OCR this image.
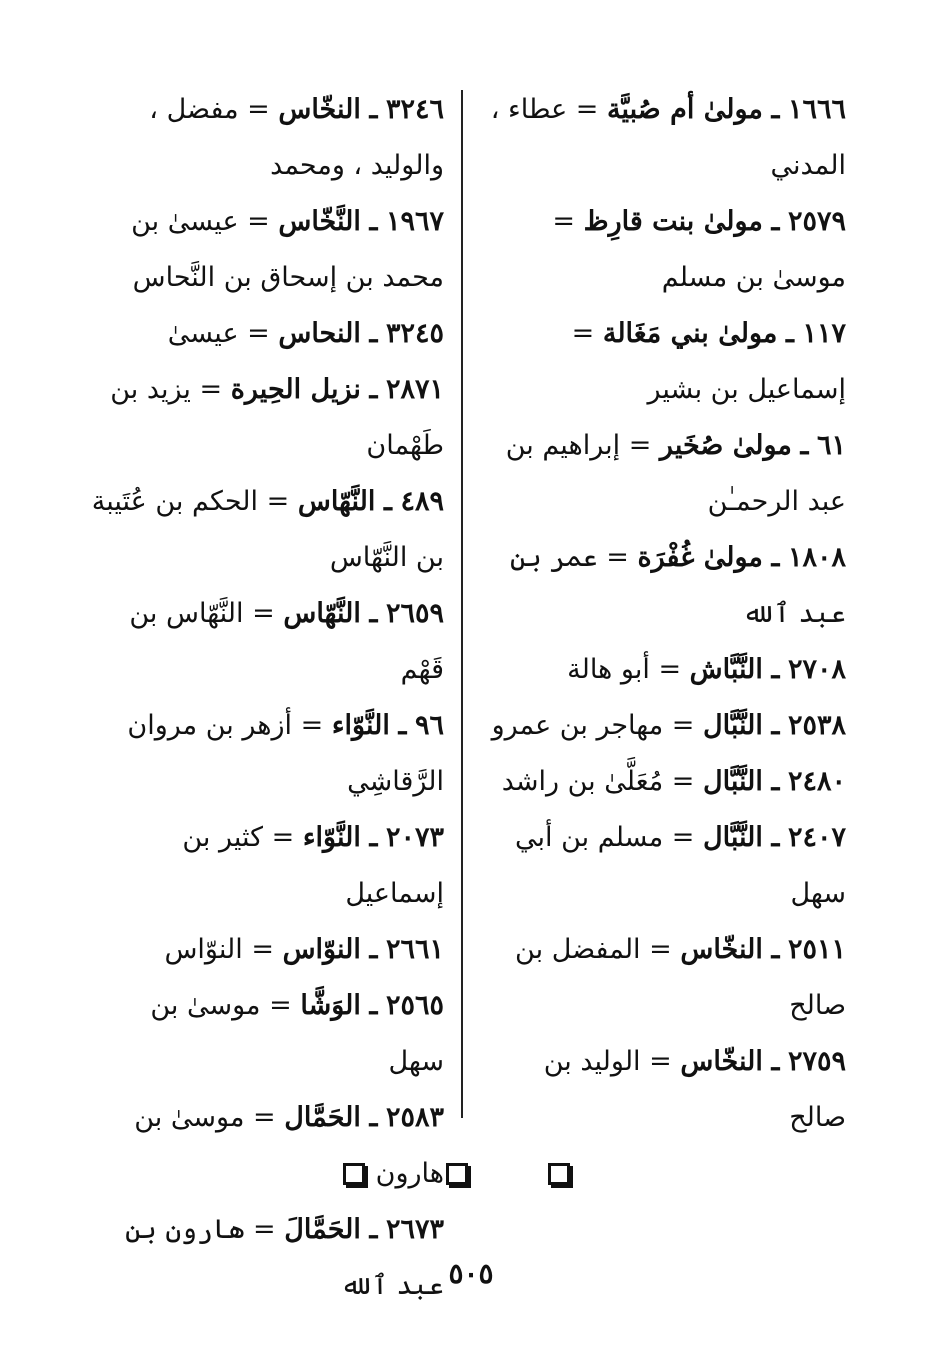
١٦٦٦ ـ مولىٰ أم صُبيَّة = عطاء ، المدني
٢٥٧٩ ـ مولىٰ بنت قارِظ = موسىٰ بن مسلم
١١٧ ـ مولىٰ بني مَغَالة = إسماعيل بن بشير
٦١ ـ مولىٰ صُخَير = إبراهيم بن عبد الرحمـٰن
١٨٠٨ ـ مولىٰ غُفْرَة = عمر بن عبد ٱلله
٢٧٠٨ ـ النَّبَّاش = أبو هالة
٢٥٣٨ ـ النَّبَّال = مهاجر بن عمرو
٢٤٨٠ ـ النَّبَّال = مُعَلَّىٰ بن راشد
٢٤٠٧ ـ النَّبَّال = مسلم بن أبي سهل
٢٥١١ ـ النخّاس = المفضل بن صالح
٢٧٥٩ ـ النخّاس = الوليد بن صالح
٣٢٤٦ ـ النخّاس = مفضل ، والوليد ، ومحمد
١٩٦٧ ـ النَّخّاس = عيسىٰ بن محمد بن إسحاق بن النَّحاس
٣٢٤٥ ـ النحاس = عيسىٰ
٢٨٧١ ـ نزيل الحِيرة = يزيد بن طَهْمان
٤٨٩ ـ النَّهّاس = الحكم بن عُتَيبة بن النَّهّاس
٢٦٥٩ ـ النَّهّاس = النَّهّاس بن قَهْم
٩٦ ـ النَّوّاء = أزهر بن مروان الرَّقاشِي
٢٠٧٣ ـ النَّوّاء = كثير بن إسماعيل
٢٦٦١ ـ النوّاس = النوّاس
٢٥٦٥ ـ الوَشَّا = موسىٰ بن سهل
٢٥٨٣ ـ الحَمَّال = موسىٰ بن هارون
٢٦٧٣ ـ الحَمَّالَ = هارون بن عبد ٱلله ٥٠٥
